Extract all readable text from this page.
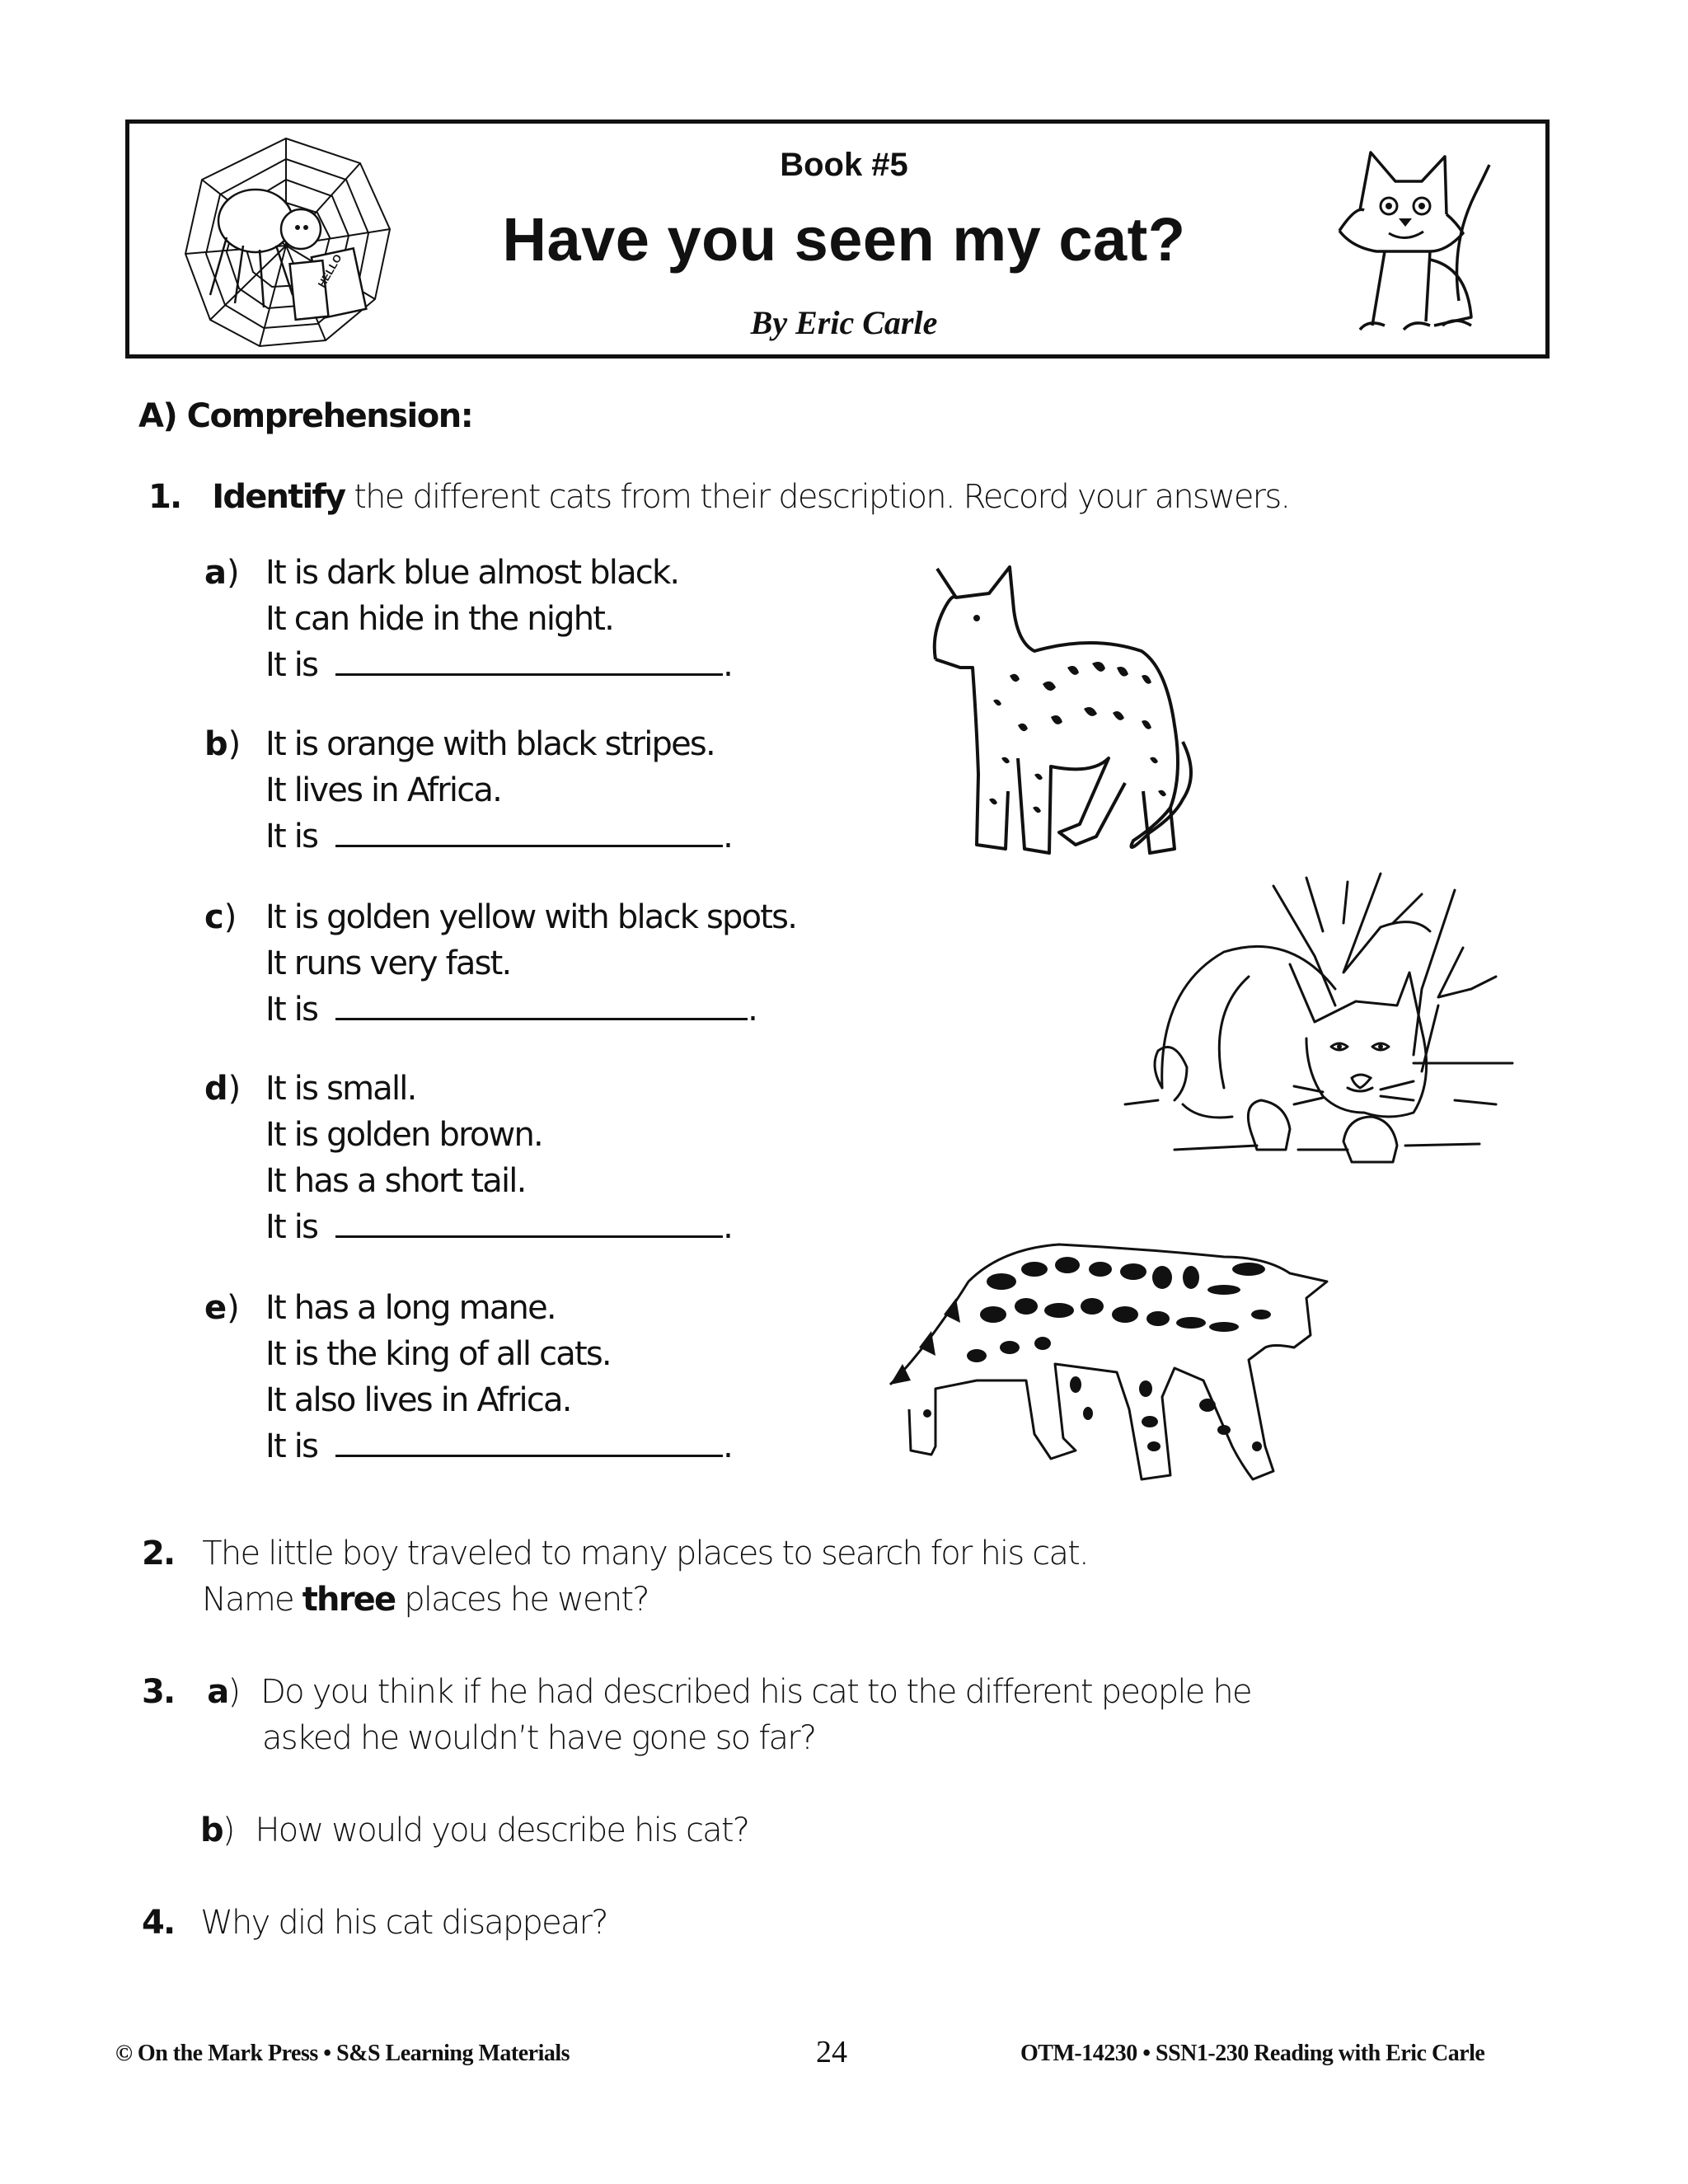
HELLO
Book #5
Have you seen my cat?
By Eric Carle
A) Comprehension:
1. Identify the different cats from their description. Record your answers.
a) It is dark blue almost black.
It can hide in the night.
It is	.
b) It is orange with black stripes.
It lives in Africa.
It is	.
c) It is golden yellow with black spots.
It runs very fast.
It is	.
d) It is small.
It is golden brown.
It has a short tail.
It is	.
e) It has a long mane.
It is the king of all cats.
It also lives in Africa.
It is	.
2. The little boy traveled to many places to search for his cat.
Name three places he went?
3. a) Do you think if he had described his cat to the different people he
asked he wouldn’t have gone so far?
b) How would you describe his cat?
4. Why did his cat disappear?
© On the Mark Press • S&S Learning Materials	24	OTM-14230 • SSN1-230 Reading with Eric Carle
